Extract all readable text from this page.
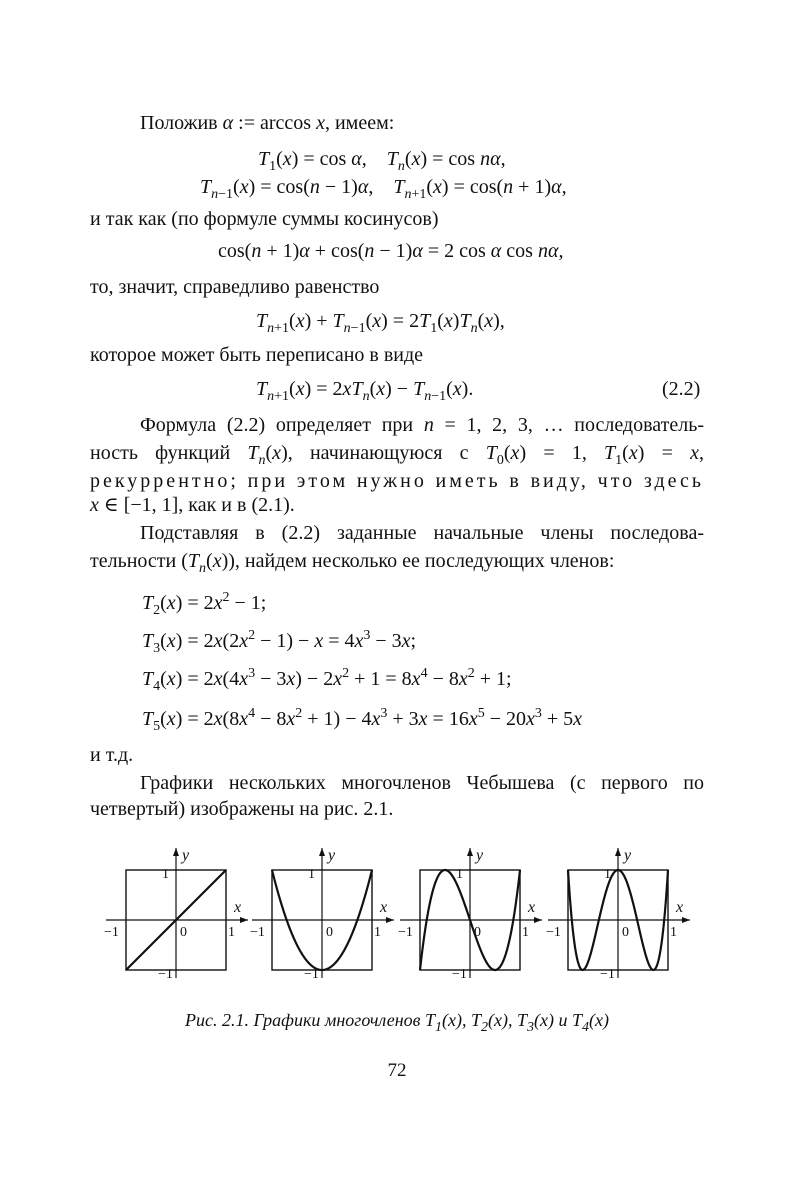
Положив α := arccos x, имеем:
$T_1(x) = \cos \alpha$,    $T_n(x) = \cos n\alpha$,
$T_{n-1}(x) = \cos(n - 1)\alpha$,    $T_{n+1}(x) = \cos(n + 1)\alpha$,
и так как (по формуле суммы косинусов)
cos(n + 1)α + cos(n − 1)α = 2 cos α cos nα,
то, значит, справедливо равенство
$T_{n+1}(x) + T_{n-1}(x) = 2T_1(x)T_n(x)$,
которое может быть переписано в виде
$T_{n+1}(x) = 2xT_n(x) - T_{n-1}(x)$.	(2.2)
Формула (2.2) определяет при n = 1, 2, 3, … последователь-
ность функций $T_n(x)$, начинающуюся с $T_0(x) = 1$, $T_1(x) = x$,
рекуррентно; при этом нужно иметь в виду, что здесь
x ∈ [−1, 1], как и в (2.1).
Подставляя в (2.2) заданные начальные члены последова-
тельности $(T_n(x))$, найдем несколько ее последующих членов:
$T_2(x) = 2x^2 - 1$;
$T_3(x) = 2x(2x^2 - 1) - x = 4x^3 - 3x$;
$T_4(x) = 2x(4x^3 - 3x) - 2x^2 + 1 = 8x^4 - 8x^2 + 1$;
$T_5(x) = 2x(8x^4 - 8x^2 + 1) - 4x^3 + 3x = 16x^5 - 20x^3 + 5x$
и т.д.
Графики нескольких многочленов Чебышева (с первого по
четвертый) изображены на рис. 2.1.
1
−1	1
−1
0
x
y
1
−1	1
−1
0
x
y
1
−1	1
−1
0
x
y
1
−1	1
−1
0
x
y
Рис. 2.1. Графики многочленов $T_1(x)$, $T_2(x)$, $T_3(x)$ и $T_4(x)$
72
